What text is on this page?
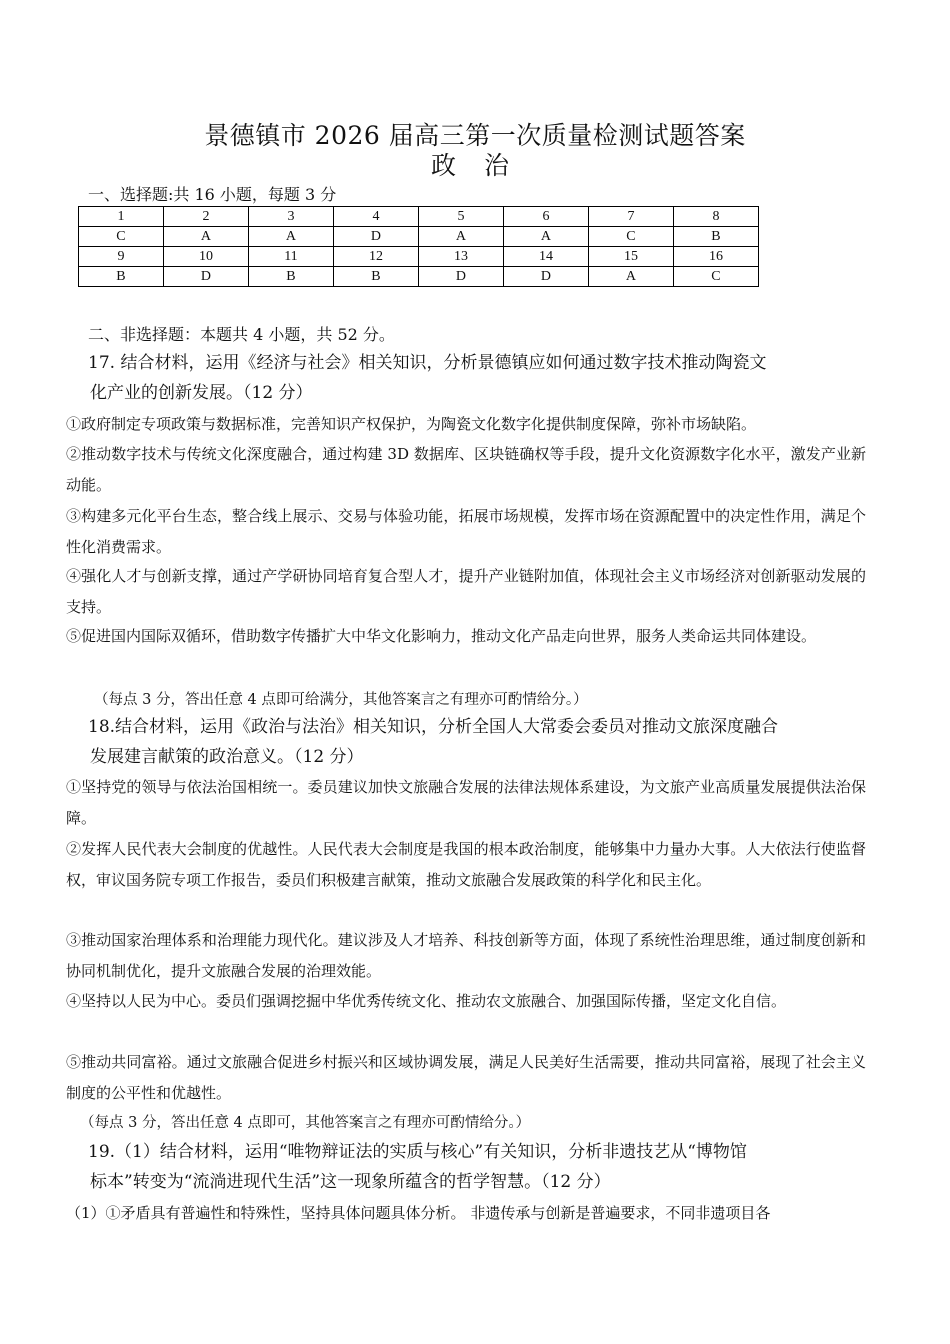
景德镇市 2026 届高三第一次质量检测试题答案
政 治
一、选择题:共 16 小题，每题 3 分
1	2	3	4	5	6	7	8
C	A	A	D	A	A	C	B
9	10	11	12	13	14	15	16
B	D	B	B	D	D	A	C
二、非选择题：本题共 4 小题，共 52 分。
17. 结合材料，运用《经济与社会》相关知识，分析景德镇应如何通过数字技术推动陶瓷文
化产业的创新发展。（12 分）
①政府制定专项政策与数据标准，完善知识产权保护，为陶瓷文化数字化提供制度保障，弥补市场缺陷。
②推动数字技术与传统文化深度融合，通过构建 3D 数据库、区块链确权等手段，提升文化资源数字化水平，激发产业新动能。
③构建多元化平台生态，整合线上展示、交易与体验功能，拓展市场规模，发挥市场在资源配置中的决定性作用，满足个性化消费需求。
④强化人才与创新支撑，通过产学研协同培育复合型人才，提升产业链附加值，体现社会主义市场经济对创新驱动发展的支持。
⑤促进国内国际双循环，借助数字传播扩大中华文化影响力，推动文化产品走向世界，服务人类命运共同体建设。
（每点 3 分，答出任意 4 点即可给满分，其他答案言之有理亦可酌情给分。）
18.结合材料，运用《政治与法治》相关知识，分析全国人大常委会委员对推动文旅深度融合
发展建言献策的政治意义。（12 分）
①坚持党的领导与依法治国相统一。委员建议加快文旅融合发展的法律法规体系建设，为文旅产业高质量发展提供法治保障。
②发挥人民代表大会制度的优越性。人民代表大会制度是我国的根本政治制度，能够集中力量办大事。人大依法行使监督权，审议国务院专项工作报告，委员们积极建言献策，推动文旅融合发展政策的科学化和民主化。
③推动国家治理体系和治理能力现代化。建议涉及人才培养、科技创新等方面，体现了系统性治理思维，通过制度创新和协同机制优化，提升文旅融合发展的治理效能。
④坚持以人民为中心。委员们强调挖掘中华优秀传统文化、推动农文旅融合、加强国际传播，坚定文化自信。
⑤推动共同富裕。通过文旅融合促进乡村振兴和区域协调发展，满足人民美好生活需要，推动共同富裕，展现了社会主义制度的公平性和优越性。
（每点 3 分，答出任意 4 点即可，其他答案言之有理亦可酌情给分。）
19.（1）结合材料，运用“唯物辩证法的实质与核心”有关知识，分析非遗技艺从“博物馆
标本”转变为“流淌进现代生活”这一现象所蕴含的哲学智慧。（12 分）
（1）①矛盾具有普遍性和特殊性，坚持具体问题具体分析。 非遗传承与创新是普遍要求，不同非遗项目各
